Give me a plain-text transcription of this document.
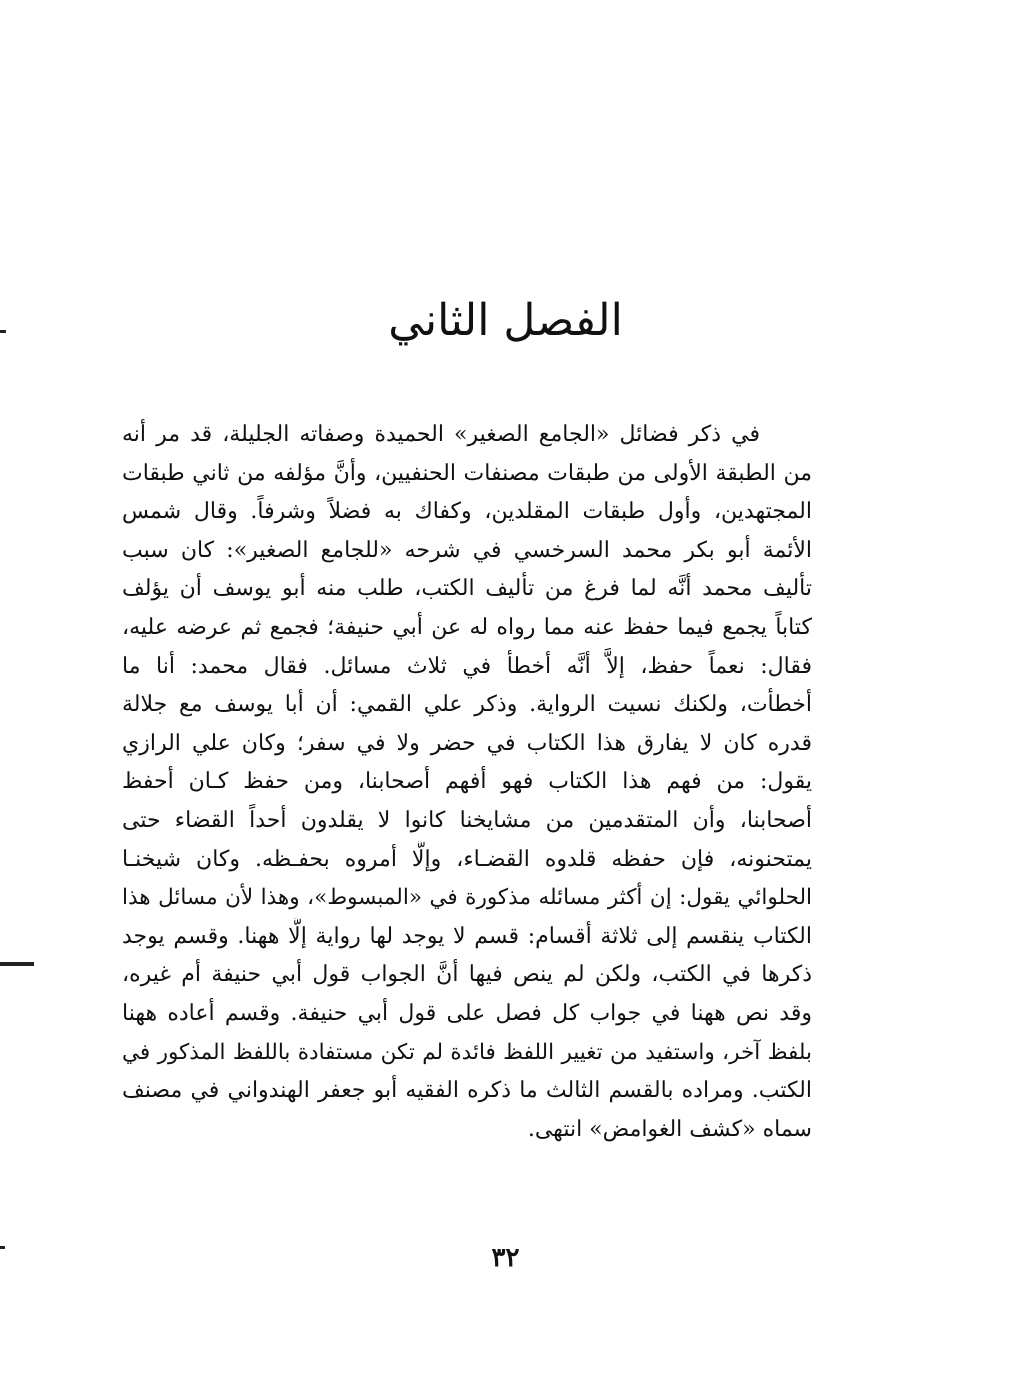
الفصل الثاني
في ذكر فضائل «الجامع الصغير» الحميدة وصفاته الجليلة، قد مر أنه
من الطبقة الأولى من طبقات مصنفات الحنفيين، وأنَّ مؤلفه من ثاني طبقات
المجتهدين، وأول طبقات المقلدين، وكفاك به فضلاً وشرفاً. وقال شمس
الأئمة أبو بكر محمد السرخسي في شرحه «للجامع الصغير»: كان سبب
تأليف محمد أنَّه لما فرغ من تأليف الكتب، طلب منه أبو يوسف أن يؤلف
كتاباً يجمع فيما حفظ عنه مما رواه له عن أبي حنيفة؛ فجمع ثم عرضه عليه،
فقال: نعماً حفظ، إلاَّ أنَّه أخطأ في ثلاث مسائل. فقال محمد: أنا ما
أخطأت، ولكنك نسيت الرواية. وذكر علي القمي: أن أبا يوسف مع جلالة
قدره كان لا يفارق هذا الكتاب في حضر ولا في سفر؛ وكان علي الرازي
يقول: من فهم هذا الكتاب فهو أفهم أصحابنا، ومن حفظ كـان أحفظ
أصحابنا، وأن المتقدمين من مشايخنا كانوا لا يقلدون أحداً القضاء حتى
يمتحنونه، فإن حفظه قلدوه القضـاء، وإلَّا أمروه بحفـظه. وكان شيخنـا
الحلوائي يقول: إن أكثر مسائله مذكورة في «المبسوط»، وهذا لأن مسائل هذا
الكتاب ينقسم إلى ثلاثة أقسام: قسم لا يوجد لها رواية إلَّا ههنا. وقسم يوجد
ذكرها في الكتب، ولكن لم ينص فيها أنَّ الجواب قول أبي حنيفة أم غيره،
وقد نص ههنا في جواب كل فصل على قول أبي حنيفة. وقسم أعاده ههنا
بلفظ آخر، واستفيد من تغيير اللفظ فائدة لم تكن مستفادة باللفظ المذكور في
الكتب. ومراده بالقسم الثالث ما ذكره الفقيه أبو جعفر الهندواني في مصنف
سماه «كشف الغوامض» انتهى.
٣٢
